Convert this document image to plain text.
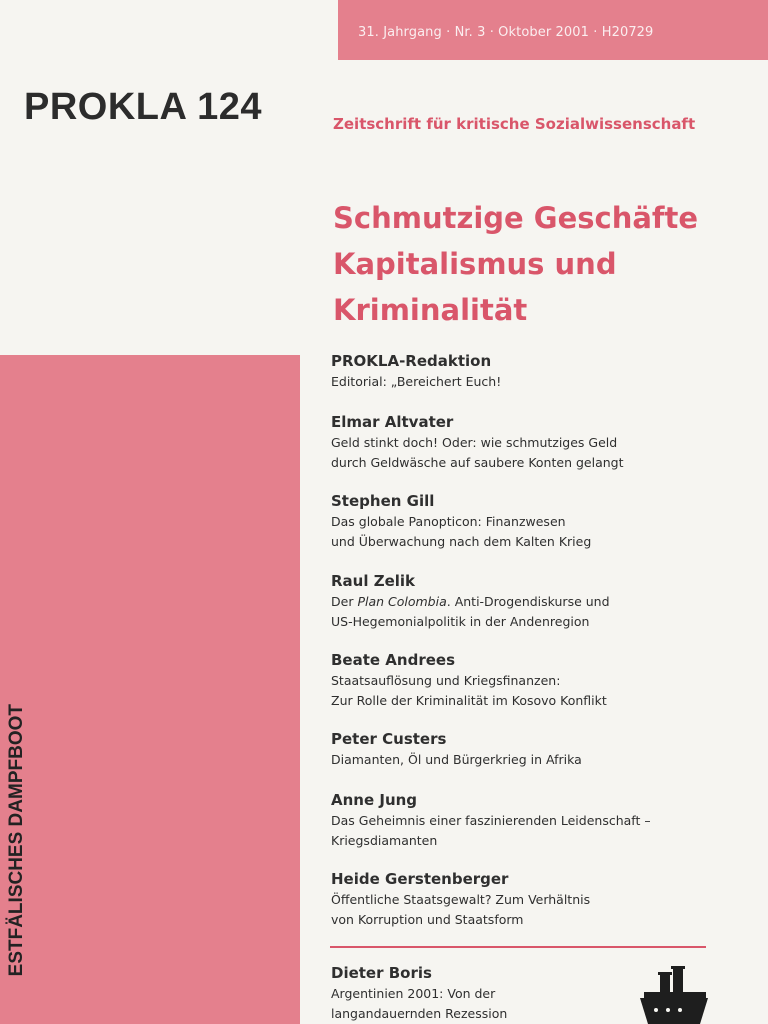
31. Jahrgang · Nr. 3 · Oktober 2001 · H20729
PROKLA 124	Zeitschrift für kritische Sozialwissenschaft
Schmutzige Geschäfte
Kapitalismus und
Kriminalität
ESTFÄLISCHES DAMPFBOOT
PROKLA-Redaktion
Editorial: „Bereichert Euch!
Elmar Altvater
Geld stinkt doch! Oder: wie schmutziges Geld
durch Geldwäsche auf saubere Konten gelangt
Stephen Gill
Das globale Panopticon: Finanzwesen
und Überwachung nach dem Kalten Krieg
Raul Zelik
Der Plan Colombia. Anti-Drogendiskurse und
US-Hegemonialpolitik in der Andenregion
Beate Andrees
Staatsauflösung und Kriegsfinanzen:
Zur Rolle der Kriminalität im Kosovo Konflikt
Peter Custers
Diamanten, Öl und Bürgerkrieg in Afrika
Anne Jung
Das Geheimnis einer faszinierenden Leidenschaft –
Kriegsdiamanten
Heide Gerstenberger
Öffentliche Staatsgewalt? Zum Verhältnis
von Korruption und Staatsform
Dieter Boris
Argentinien 2001: Von der
langandauernden Rezession
